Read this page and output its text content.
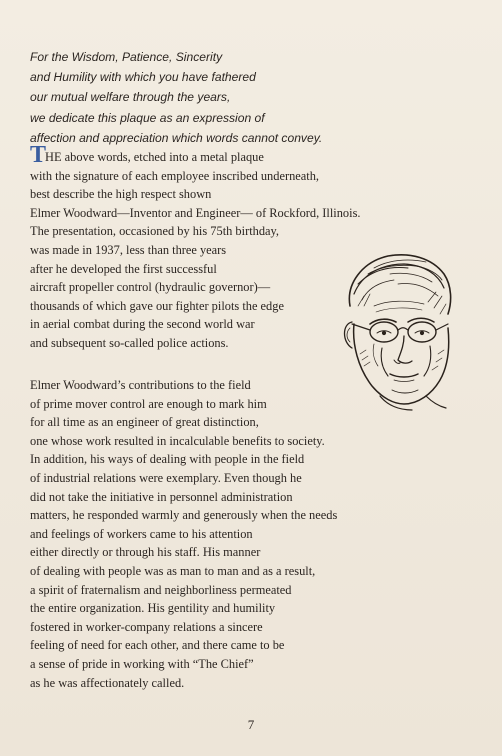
For the Wisdom, Patience, Sincerity
and Humility with which you have fathered
our mutual welfare through the years,
we dedicate this plaque as an expression of
affection and appreciation which words cannot convey.
THE above words, etched into a metal plaque
with the signature of each employee inscribed underneath,
best describe the high respect shown
Elmer Woodward—Inventor and Engineer— of Rockford, Illinois.
The presentation, occasioned by his 75th birthday,
was made in 1937, less than three years
after he developed the first successful
aircraft propeller control (hydraulic governor)—
thousands of which gave our fighter pilots the edge
in aerial combat during the second world war
and subsequent so-called police actions.
Elmer Woodward’s contributions to the field
of prime mover control are enough to mark him
for all time as an engineer of great distinction,
one whose work resulted in incalculable benefits to society.
In addition, his ways of dealing with people in the field
of industrial relations were exemplary. Even though he
did not take the initiative in personnel administration
matters, he responded warmly and generously when the needs
and feelings of workers came to his attention
either directly or through his staff. His manner
of dealing with people was as man to man and as a result,
a spirit of fraternalism and neighborliness permeated
the entire organization. His gentility and humility
fostered in worker-company relations a sincere
feeling of need for each other, and there came to be
a sense of pride in working with “The Chief”
as he was affectionately called.
7
